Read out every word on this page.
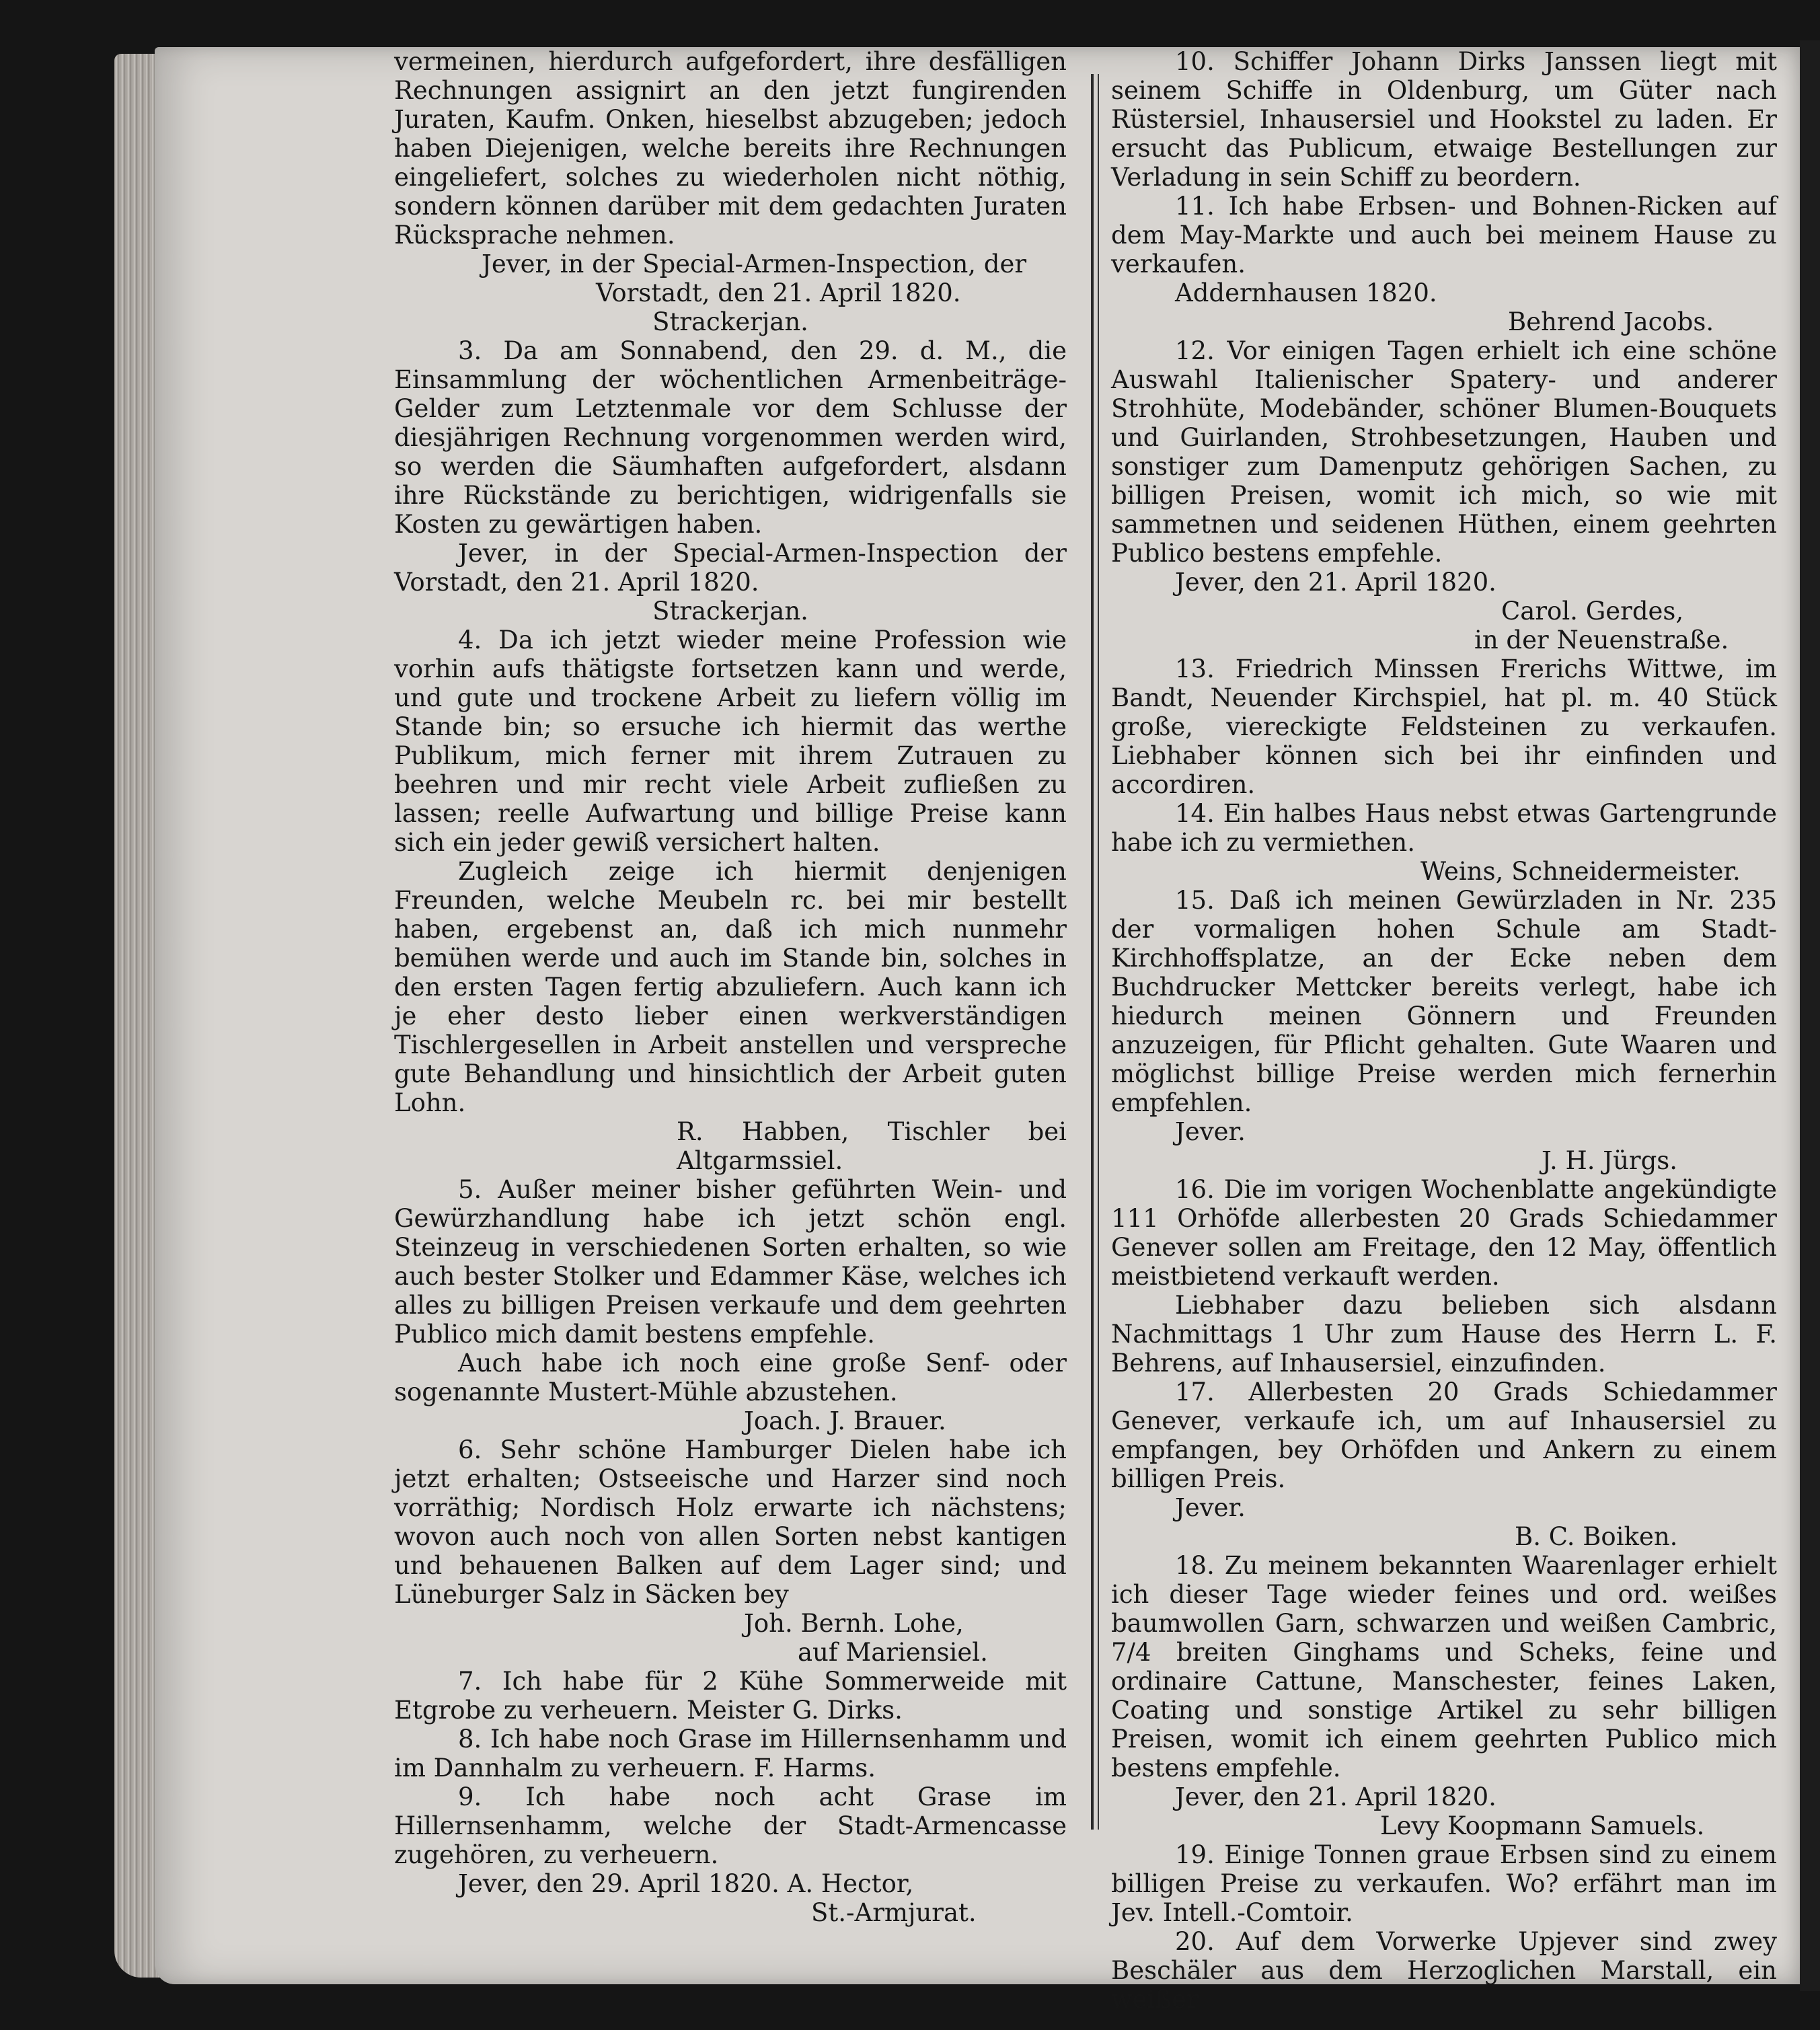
vermeinen, hierdurch aufgefordert, ihre desfälligen Rechnungen assignirt an den jetzt fungirenden Juraten, Kaufm. Onken, hieselbst abzugeben; jedoch haben Diejenigen, welche bereits ihre Rechnungen eingeliefert, solches zu wiederholen nicht nöthig, sondern können darüber mit dem gedachten Juraten Rücksprache nehmen.

Jever, in der Special-Armen-Inspection, der

Vorstadt, den 21. April 1820.

Strackerjan.

3. Da am Sonnabend, den 29. d. M., die Einsammlung der wöchentlichen Armenbeiträge-Gelder zum Letztenmale vor dem Schlusse der diesjährigen Rechnung vorgenommen werden wird, so werden die Säumhaften aufgefordert, alsdann ihre Rückstände zu berichtigen, widrigenfalls sie Kosten zu gewärtigen haben.

Jever, in der Special-Armen-Inspection der Vorstadt, den 21. April 1820.

Strackerjan.

4. Da ich jetzt wieder meine Profession wie vorhin aufs thätigste fortsetzen kann und werde, und gute und trockene Arbeit zu liefern völlig im Stande bin; so ersuche ich hiermit das werthe Publikum, mich ferner mit ihrem Zutrauen zu beehren und mir recht viele Arbeit zufließen zu lassen; reelle Aufwartung und billige Preise kann sich ein jeder gewiß versichert halten.

Zugleich zeige ich hiermit denjenigen Freunden, welche Meubeln rc. bei mir bestellt haben, ergebenst an, daß ich mich nunmehr bemühen werde und auch im Stande bin, solches in den ersten Tagen fertig abzuliefern. Auch kann ich je eher desto lieber einen werkverständigen Tischlergesellen in Arbeit anstellen und verspreche gute Behandlung und hinsichtlich der Arbeit guten Lohn.

R. Habben, Tischler bei Altgarmssiel.

5. Außer meiner bisher geführten Wein- und Gewürzhandlung habe ich jetzt schön engl. Steinzeug in verschiedenen Sorten erhalten, so wie auch bester Stolker und Edammer Käse, welches ich alles zu billigen Preisen verkaufe und dem geehrten Publico mich damit bestens empfehle.

Auch habe ich noch eine große Senf- oder sogenannte Mustert-Mühle abzustehen.

Joach. J. Brauer.

6. Sehr schöne Hamburger Dielen habe ich jetzt erhalten; Ostseeische und Harzer sind noch vorräthig; Nordisch Holz erwarte ich nächstens; wovon auch noch von allen Sorten nebst kantigen und behauenen Balken auf dem Lager sind; und Lüneburger Salz in Säcken bey

Joh. Bernh. Lohe,

auf Mariensiel.

7. Ich habe für 2 Kühe Sommerweide mit Etgrobe zu verheuern. Meister G. Dirks.

8. Ich habe noch Grase im Hillernsenhamm und im Dannhalm zu verheuern. F. Harms.

9. Ich habe noch acht Grase im Hillernsenhamm, welche der Stadt-Armencasse zugehören, zu verheuern.

Jever, den 29. April 1820. A. Hector,

St.-Armjurat.

10. Schiffer Johann Dirks Janssen liegt mit seinem Schiffe in Oldenburg, um Güter nach Rüstersiel, Inhausersiel und Hookstel zu laden. Er ersucht das Publicum, etwaige Bestellungen zur Verladung in sein Schiff zu beordern.

11. Ich habe Erbsen- und Bohnen-Ricken auf dem May-Markte und auch bei meinem Hause zu verkaufen.

Addernhausen 1820.

Behrend Jacobs.

12. Vor einigen Tagen erhielt ich eine schöne Auswahl Italienischer Spatery- und anderer Strohhüte, Modebänder, schöner Blumen-Bouquets und Guirlanden, Strohbesetzungen, Hauben und sonstiger zum Damenputz gehörigen Sachen, zu billigen Preisen, womit ich mich, so wie mit sammetnen und seidenen Hüthen, einem geehrten Publico bestens empfehle.

Jever, den 21. April 1820.

Carol. Gerdes,

in der Neuenstraße.

13. Friedrich Minssen Frerichs Wittwe, im Bandt, Neuender Kirchspiel, hat pl. m. 40 Stück große, viereckigte Feldsteinen zu verkaufen. Liebhaber können sich bei ihr einfinden und accordiren.

14. Ein halbes Haus nebst etwas Gartengrunde habe ich zu vermiethen.

Weins, Schneidermeister.

15. Daß ich meinen Gewürzladen in Nr. 235 der vormaligen hohen Schule am Stadt-Kirchhoffsplatze, an der Ecke neben dem Buchdrucker Mettcker bereits verlegt, habe ich hiedurch meinen Gönnern und Freunden anzuzeigen, für Pflicht gehalten. Gute Waaren und möglichst billige Preise werden mich fernerhin empfehlen.

Jever.

J. H. Jürgs.

16. Die im vorigen Wochenblatte angekündigte 111 Orhöfde allerbesten 20 Grads Schiedammer Genever sollen am Freitage, den 12 May, öffentlich meistbietend verkauft werden.

Liebhaber dazu belieben sich alsdann Nachmittags 1 Uhr zum Hause des Herrn L. F. Behrens, auf Inhausersiel, einzufinden.

17. Allerbesten 20 Grads Schiedammer Genever, verkaufe ich, um auf Inhausersiel zu empfangen, bey Orhöfden und Ankern zu einem billigen Preis.

Jever.

B. C. Boiken.

18. Zu meinem bekannten Waarenlager erhielt ich dieser Tage wieder feines und ord. weißes baumwollen Garn, schwarzen und weißen Cambric, 7/4 breiten Ginghams und Scheks, feine und ordinaire Cattune, Manschester, feines Laken, Coating und sonstige Artikel zu sehr billigen Preisen, womit ich einem geehrten Publico mich bestens empfehle.

Jever, den 21. April 1820.

Levy Koopmann Samuels.

19. Einige Tonnen graue Erbsen sind zu einem billigen Preise zu verkaufen. Wo? erfährt man im Jev. Intell.-Comtoir.

20. Auf dem Vorwerke Upjever sind zwey Beschäler aus dem Herzoglichen Marstall, ein weißer
